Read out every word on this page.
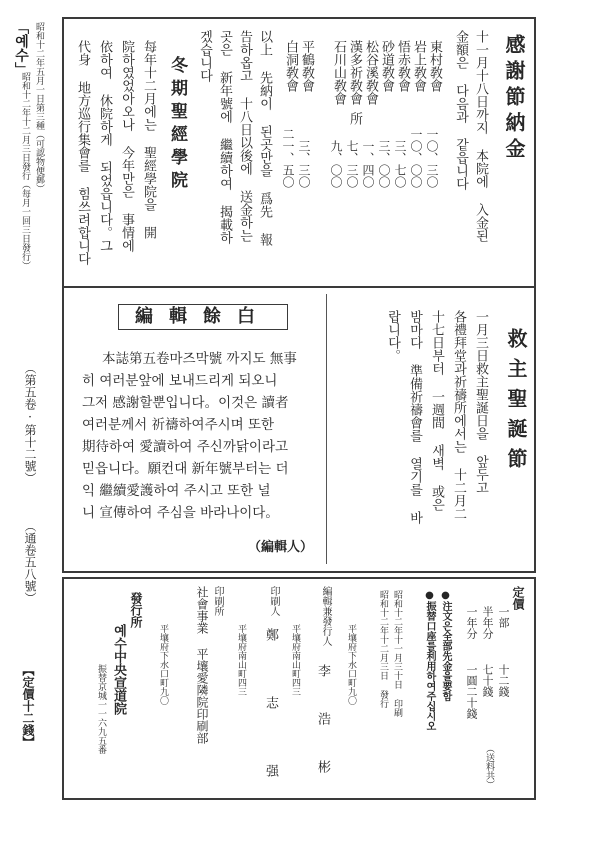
「예수」 昭和十二年五月一日第三種（可認物便郵）
昭和十二年十二月三日發行（每月一回三日發行）
（第五卷·第十二號）
（通卷五八號）
【定價十二錢】
感謝節納金
十一月十八日까지 本院에 入金된
金額은 다음과 같읍니다
東村敎會
岩上敎會
悟赤敎會
砂道敎會
松谷溪敎會
漢多祈敎會
石川山敎會
平鶴敎會
白洞敎會
所
一〇、三〇
一〇、〇〇
三、七〇
三、〇〇
一、四〇
七、三〇
九、〇〇
三、三〇
二一、五〇
以上 先納이 된곳만을 爲先 報
告하옵고 十八日以後에 送金하는
곳은 新年號에 繼續하여 揭載하
겠습니다
冬期聖經學院
每年十二月에는 聖經學院을 開
院하였었아오나 今年만은 事情에
依하여 休院하게 되었읍니다。그
代身 地方巡行集會를 힘쓰려합니다
編輯餘白
本誌第五卷마즈막號 까지도 無事
히 여러분앞에 보내드리게 되오니
그저 感謝할뿐입니다。이것은 讀者
여러분께서 祈禱하여주시며 또한
期待하여 愛讀하여 주신까닭이라고
믿읍니다。願컨대 新年號부터는 더
익 繼續愛護하여 주시고 또한 널
니 宣傳하여 주심을 바라나이다。
（編輯人）
救主聖誕節
一月三日救主聖誕日을 앞두고
各禮拜堂과祈禱所에서는 十二月二
十七日부터 一週間 새벽 或은
밤마다 準備祈禱會를 열기를 바
랍니다。
定價
一部
十二錢
半年分
七十錢
一年分
一圓二十錢
（送料共）
●注文은全部先金을要함
●振替口座를利用하여주십시오
昭和十二年十一月三十日 印刷
昭和十二年十二月三日 發行
平壤府下水口町九〇
編輯兼發行人
李 浩 彬
平壤府南山町四三
印刷人
鄭 志 强
平壤府南山町四三
印刷所
社會事業 平壤愛隣院印刷部
平壤府下水口町九〇
發行所
예수中央宣道院
振替京城一一六九五番
